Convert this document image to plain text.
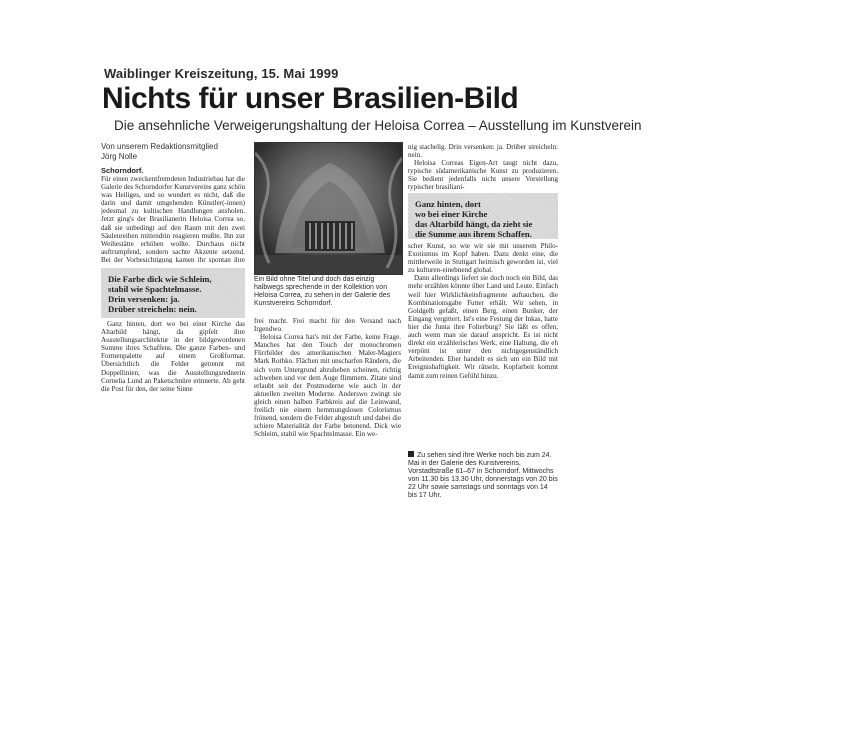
Waiblinger Kreiszeitung, 15. Mai 1999
Nichts für unser Brasilien-Bild
Die ansehnliche Verweigerungshaltung der Heloisa Correa – Ausstellung im Kunstverein
Von unserem Redaktionsmitglied
Jörg Nolle
Schorndorf.

Für einen zweckentfremdeten Industriebau hat die Galerie des Schorndorfer Kunstvereins ganz schön was Heiliges, und so wundert es nicht, daß die darin und damit umgehenden Künstler(-innen) jedesmal zu kultischen Handlungen ausholen. Jetzt ging's der Brasilianerin Heloisa Correa so, daß sie unbedingt auf den Raum mit den zwei Säulenreihen mittendrin reagieren mußte. Ihn zur Weihestätte erhöhen wollte. Durchaus nicht auftrumpfend, sondern sachte Akzente setzend. Bei der Vorbesichtigung kamen ihr spontan ihre

Die Farbe dick wie Schleim,
stabil wie Spachtelmasse.
Drin versenken: ja.
Drüber streicheln: nein.

Ganz hinten, dort wo bei einer Kirche das Altarbild hängt, da gipfelt ihre Ausstellungsarchitektur in der bildgewordenen Summe ihres Schaffens. Die ganze Farben- und Formenpalette auf einem Großformat. Übersichtlich die Felder getrennt mit Doppellinien, was die Ausstellungsrednerin Cornelia Lund an Paketschnüre erinnerte. Ab geht die Post für den, der seine Sinne

Ein Bild ohne Titel und doch das einzig halbwegs sprechende in der Kollektion von Heloisa Correa, zu sehen in der Galerie des Kunstvereins Schorndorf.

frei macht. Frei macht für den Versand nach Irgendwo.

Heloisa Correa hat's mit der Farbe, keine Frage. Manches hat den Touch der monochromen Flirrbilder des amerikanischen Maler-Magiers Mark Rothko. Flächen mit unscharfen Rändern, die sich vom Untergrund abzuheben scheinen, richtig schweben und vor dem Auge flimmern. Zitate sind erlaubt seit der Postmoderne wie auch in der aktuellen zweiten Moderne. Anderswo zwingt sie gleich einen halben Farbkreis auf die Leinwand, freilich nie einem hemmungslosen Colorismus frönend, sondern die Felder abgestuft und dabei die schiere Materialität der Farbe betonend. Dick wie Schleim, stabil wie Spachtelmasse. Ein we-

nig stachelig. Drin versenken: ja. Drüber streicheln: nein.

Heloisa Correas Eigen-Art taugt nicht dazu, typische südamerikanische Kunst zu produzieren. Sie bedient jedenfalls nicht unsere Vorstellung typischer brasiliani-

Ganz hinten, dort
wo bei einer Kirche
das Altarbild hängt, da zieht sie
die Summe aus ihrem Schaffen.

scher Kunst, so wie wir sie mit unserem Philo-Exotismus im Kopf haben. Dazu denkt eine, die mittlerweile in Stuttgart heimisch geworden ist, viel zu kulturen-einebnend global.

Dann allerdings liefert sie doch noch ein Bild, das mehr erzählen könnte über Land und Leute. Einfach weil hier Wirklichkeitsfragmente auftauchen, die Kombinationsgabe Futter erhält. Wir sehen, in Goldgelb gefaßt, einen Berg, einen Bunker, der Eingang vergittert. Ist's eine Festung der Inkas, hatte hier die Junta ihre Folterburg? Sie läßt es offen, auch wenn man sie darauf anspricht. Es ist nicht direkt ein erzählerisches Werk, eine Haltung, die eh verpönt ist unter den nichtgegenständlich Arbeitenden. Eher handelt es sich um ein Bild mit Ereignishaftigkeit. Wir rätseln. Kopfarbeit kommt damit zum reinen Gefühl hinzu.

Zu sehen sind ihre Werke noch bis zum 24. Mai in der Galerie des Kunstvereins, Vorstadtstraße 61–67 in Schorndorf. Mittwochs von 11.30 bis 13.30 Uhr, donnerstags von 20 bis 22 Uhr sowie samstags und sonntags von 14 bis 17 Uhr.
